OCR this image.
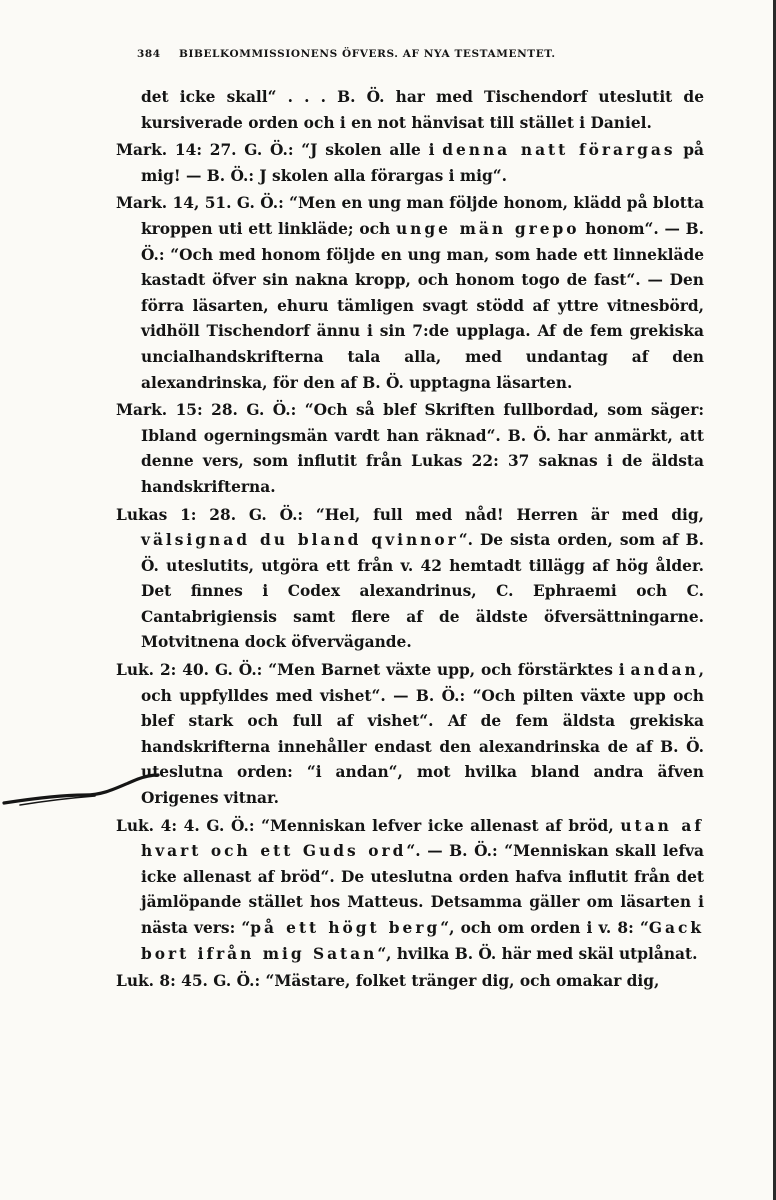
384 BIBELKOMMISSIONENS ÖFVERS. AF NYA TESTAMENTET.

det icke skall“ . . . B. Ö. har med Tischendorf uteslutit de kursiverade orden och i en not hänvisat till stället i Daniel.

Mark. 14: 27. G. Ö.: “J skolen alle i denna natt förargas på mig! — B. Ö.: J skolen alla förargas i mig“.

Mark. 14, 51. G. Ö.: “Men en ung man följde honom, klädd på blotta kroppen uti ett linkläde; och unge män grepo honom“. — B. Ö.: “Och med honom följde en ung man, som hade ett linnekläde kastadt öfver sin nakna kropp, och honom togo de fast“. — Den förra läsarten, ehuru tämligen svagt stödd af yttre vitnesbörd, vidhöll Tischendorf ännu i sin 7:de upplaga. Af de fem grekiska uncialhandskrifterna tala alla, med undantag af den alexandrinska, för den af B. Ö. upptagna läsarten.

Mark. 15: 28. G. Ö.: “Och så blef Skriften fullbordad, som säger: Ibland ogerningsmän vardt han räknad“. B. Ö. har anmärkt, att denne vers, som influtit från Lukas 22: 37 saknas i de äldsta handskrifterna.

Lukas 1: 28. G. Ö.: “Hel, full med nåd! Herren är med dig, välsignad du bland qvinnor“. De sista orden, som af B. Ö. uteslutits, utgöra ett från v. 42 hemtadt tillägg af hög ålder. Det finnes i Codex alexandrinus, C. Ephraemi och C. Cantabrigiensis samt flere af de äldste öfversättningarne. Motvitnena dock öfvervägande.

Luk. 2: 40. G. Ö.: “Men Barnet växte upp, och förstärktes i andan, och uppfylldes med vishet“. — B. Ö.: “Och pilten växte upp och blef stark och full af vishet“. Af de fem äldsta grekiska handskrifterna innehåller endast den alexandrinska de af B. Ö. uteslutna orden: “i andan“, mot hvilka bland andra äfven Origenes vitnar.

Luk. 4: 4. G. Ö.: “Menniskan lefver icke allenast af bröd, utan af hvart och ett Guds ord“. — B. Ö.: “Menniskan skall lefva icke allenast af bröd“. De uteslutna orden hafva influtit från det jämlöpande stället hos Matteus. Detsamma gäller om läsarten i nästa vers: “på ett högt berg“, och om orden i v. 8: “Gack bort ifrån mig Satan“, hvilka B. Ö. här med skäl utplånat.

Luk. 8: 45. G. Ö.: “Mästare, folket tränger dig, och omakar dig,
